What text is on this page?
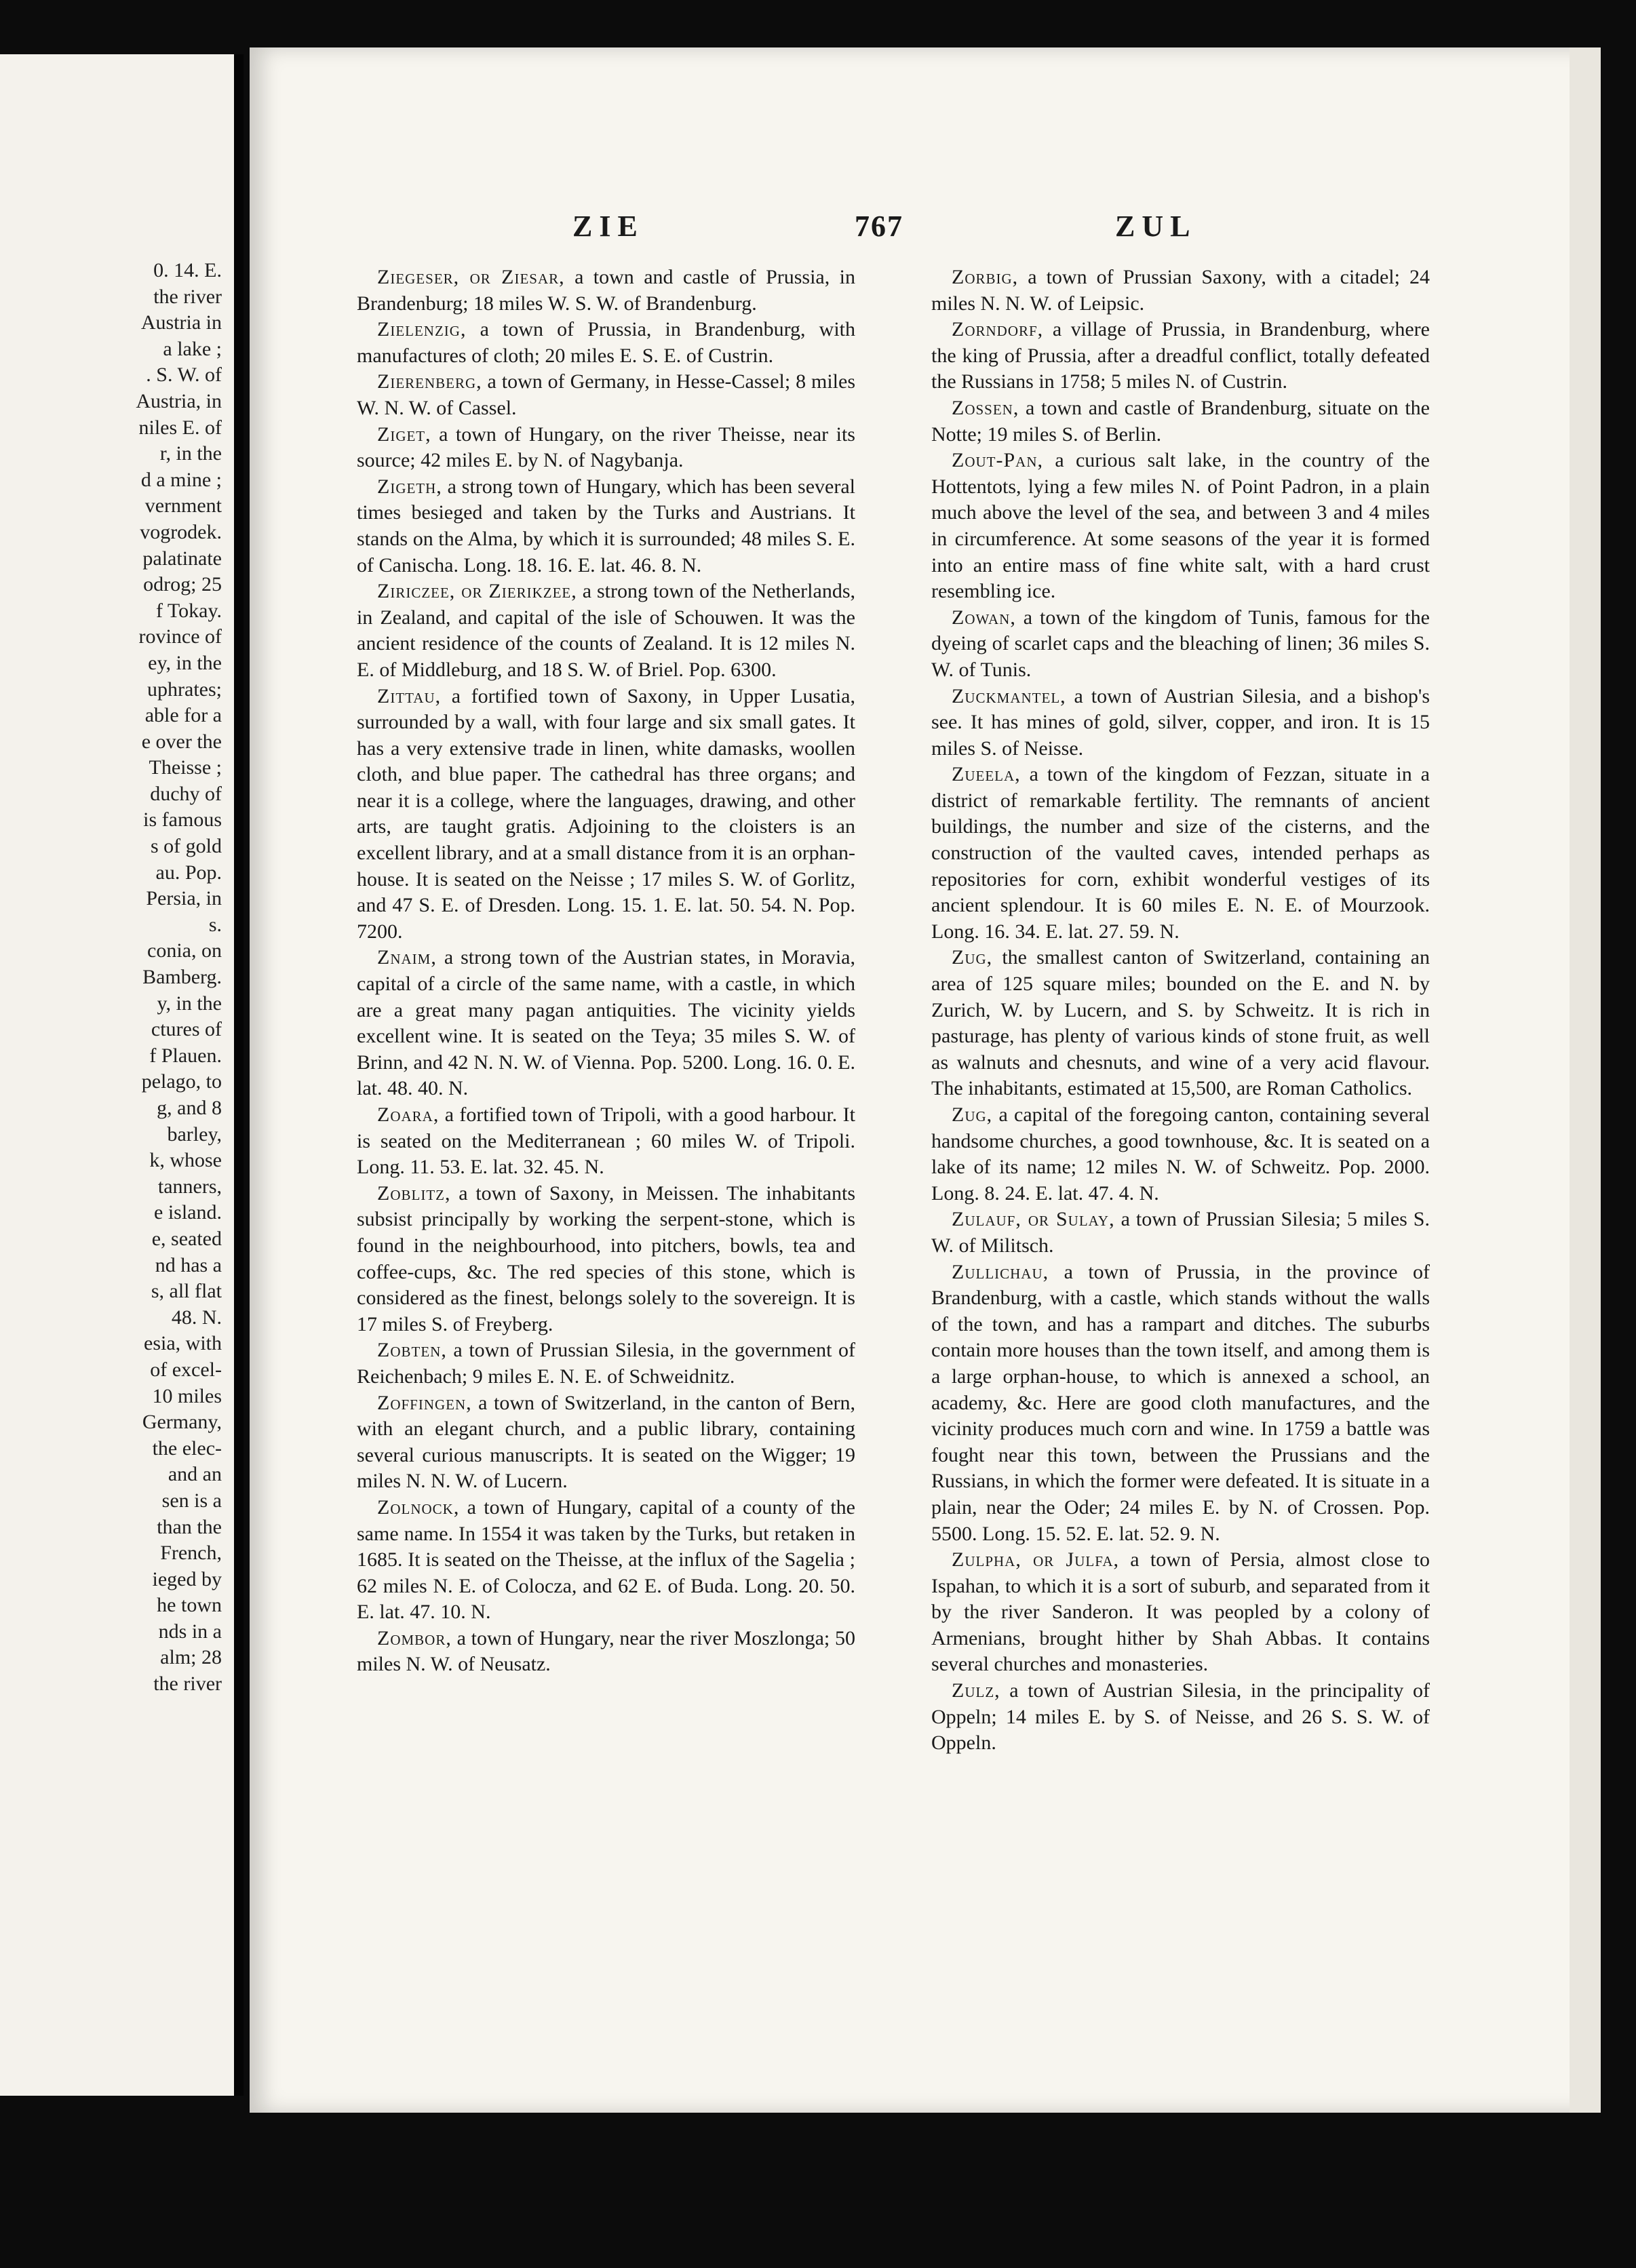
0. 14. E.
the river
Austria in
a lake ;
. S. W. of
Austria, in
niles E. of
r, in the
d a mine ;
vernment
vogrodek.
palatinate
odrog; 25
f Tokay.
rovince of
ey, in the
uphrates;
able for a
e over the
Theisse ;
duchy of
is famous
s of gold
au. Pop.
Persia, in
s.
conia, on
Bamberg.
y, in the
ctures of
f Plauen.
pelago, to
g, and 8
barley,
k, whose
tanners,
e island.
e, seated
nd has a
s, all flat
48. N.
esia, with
of excel-
10 miles
Germany,
the elec-
and an
sen is a
than the
French,
ieged by
he town
nds in a
alm; 28
the river
ZIE	767	ZUL

Ziegeser, or Ziesar, a town and castle of Prussia, in Brandenburg; 18 miles W. S. W. of Brandenburg.

Zielenzig, a town of Prussia, in Brandenburg, with manufactures of cloth; 20 miles E. S. E. of Custrin.

Zierenberg, a town of Germany, in Hesse-Cassel; 8 miles W. N. W. of Cassel.

Ziget, a town of Hungary, on the river Theisse, near its source; 42 miles E. by N. of Nagybanja.

Zigeth, a strong town of Hungary, which has been several times besieged and taken by the Turks and Austrians. It stands on the Alma, by which it is surrounded; 48 miles S. E. of Canischa. Long. 18. 16. E. lat. 46. 8. N.

Ziriczee, or Zierikzee, a strong town of the Netherlands, in Zealand, and capital of the isle of Schouwen. It was the ancient residence of the counts of Zealand. It is 12 miles N. E. of Middleburg, and 18 S. W. of Briel. Pop. 6300.

Zittau, a fortified town of Saxony, in Upper Lusatia, surrounded by a wall, with four large and six small gates. It has a very extensive trade in linen, white damasks, woollen cloth, and blue paper. The cathedral has three organs; and near it is a college, where the languages, drawing, and other arts, are taught gratis. Adjoining to the cloisters is an excellent library, and at a small distance from it is an orphan-house. It is seated on the Neisse ; 17 miles S. W. of Gorlitz, and 47 S. E. of Dresden. Long. 15. 1. E. lat. 50. 54. N. Pop. 7200.

Znaim, a strong town of the Austrian states, in Moravia, capital of a circle of the same name, with a castle, in which are a great many pagan antiquities. The vicinity yields excellent wine. It is seated on the Teya; 35 miles S. W. of Brinn, and 42 N. N. W. of Vienna. Pop. 5200. Long. 16. 0. E. lat. 48. 40. N.

Zoara, a fortified town of Tripoli, with a good harbour. It is seated on the Mediterranean ; 60 miles W. of Tripoli. Long. 11. 53. E. lat. 32. 45. N.

Zoblitz, a town of Saxony, in Meissen. The inhabitants subsist principally by working the serpent-stone, which is found in the neighbourhood, into pitchers, bowls, tea and coffee-cups, &c. The red species of this stone, which is considered as the finest, belongs solely to the sovereign. It is 17 miles S. of Freyberg.

Zobten, a town of Prussian Silesia, in the government of Reichenbach; 9 miles E. N. E. of Schweidnitz.

Zoffingen, a town of Switzerland, in the canton of Bern, with an elegant church, and a public library, containing several curious manuscripts. It is seated on the Wigger; 19 miles N. N. W. of Lucern.

Zolnock, a town of Hungary, capital of a county of the same name. In 1554 it was taken by the Turks, but retaken in 1685. It is seated on the Theisse, at the influx of the Sagelia ; 62 miles N. E. of Colocza, and 62 E. of Buda. Long. 20. 50. E. lat. 47. 10. N.

Zombor, a town of Hungary, near the river Moszlonga; 50 miles N. W. of Neusatz.

Zorbig, a town of Prussian Saxony, with a citadel; 24 miles N. N. W. of Leipsic.

Zorndorf, a village of Prussia, in Brandenburg, where the king of Prussia, after a dreadful conflict, totally defeated the Russians in 1758; 5 miles N. of Custrin.

Zossen, a town and castle of Brandenburg, situate on the Notte; 19 miles S. of Berlin.

Zout-Pan, a curious salt lake, in the country of the Hottentots, lying a few miles N. of Point Padron, in a plain much above the level of the sea, and between 3 and 4 miles in circumference. At some seasons of the year it is formed into an entire mass of fine white salt, with a hard crust resembling ice.

Zowan, a town of the kingdom of Tunis, famous for the dyeing of scarlet caps and the bleaching of linen; 36 miles S. W. of Tunis.

Zuckmantel, a town of Austrian Silesia, and a bishop's see. It has mines of gold, silver, copper, and iron. It is 15 miles S. of Neisse.

Zueela, a town of the kingdom of Fezzan, situate in a district of remarkable fertility. The remnants of ancient buildings, the number and size of the cisterns, and the construction of the vaulted caves, intended perhaps as repositories for corn, exhibit wonderful vestiges of its ancient splendour. It is 60 miles E. N. E. of Mourzook. Long. 16. 34. E. lat. 27. 59. N.

Zug, the smallest canton of Switzerland, containing an area of 125 square miles; bounded on the E. and N. by Zurich, W. by Lucern, and S. by Schweitz. It is rich in pasturage, has plenty of various kinds of stone fruit, as well as walnuts and chesnuts, and wine of a very acid flavour. The inhabitants, estimated at 15,500, are Roman Catholics.

Zug, a capital of the foregoing canton, containing several handsome churches, a good townhouse, &c. It is seated on a lake of its name; 12 miles N. W. of Schweitz. Pop. 2000. Long. 8. 24. E. lat. 47. 4. N.

Zulauf, or Sulay, a town of Prussian Silesia; 5 miles S. W. of Militsch.

Zullichau, a town of Prussia, in the province of Brandenburg, with a castle, which stands without the walls of the town, and has a rampart and ditches. The suburbs contain more houses than the town itself, and among them is a large orphan-house, to which is annexed a school, an academy, &c. Here are good cloth manufactures, and the vicinity produces much corn and wine. In 1759 a battle was fought near this town, between the Prussians and the Russians, in which the former were defeated. It is situate in a plain, near the Oder; 24 miles E. by N. of Crossen. Pop. 5500. Long. 15. 52. E. lat. 52. 9. N.

Zulpha, or Julfa, a town of Persia, almost close to Ispahan, to which it is a sort of suburb, and separated from it by the river Sanderon. It was peopled by a colony of Armenians, brought hither by Shah Abbas. It contains several churches and monasteries.

Zulz, a town of Austrian Silesia, in the principality of Oppeln; 14 miles E. by S. of Neisse, and 26 S. S. W. of Oppeln.
